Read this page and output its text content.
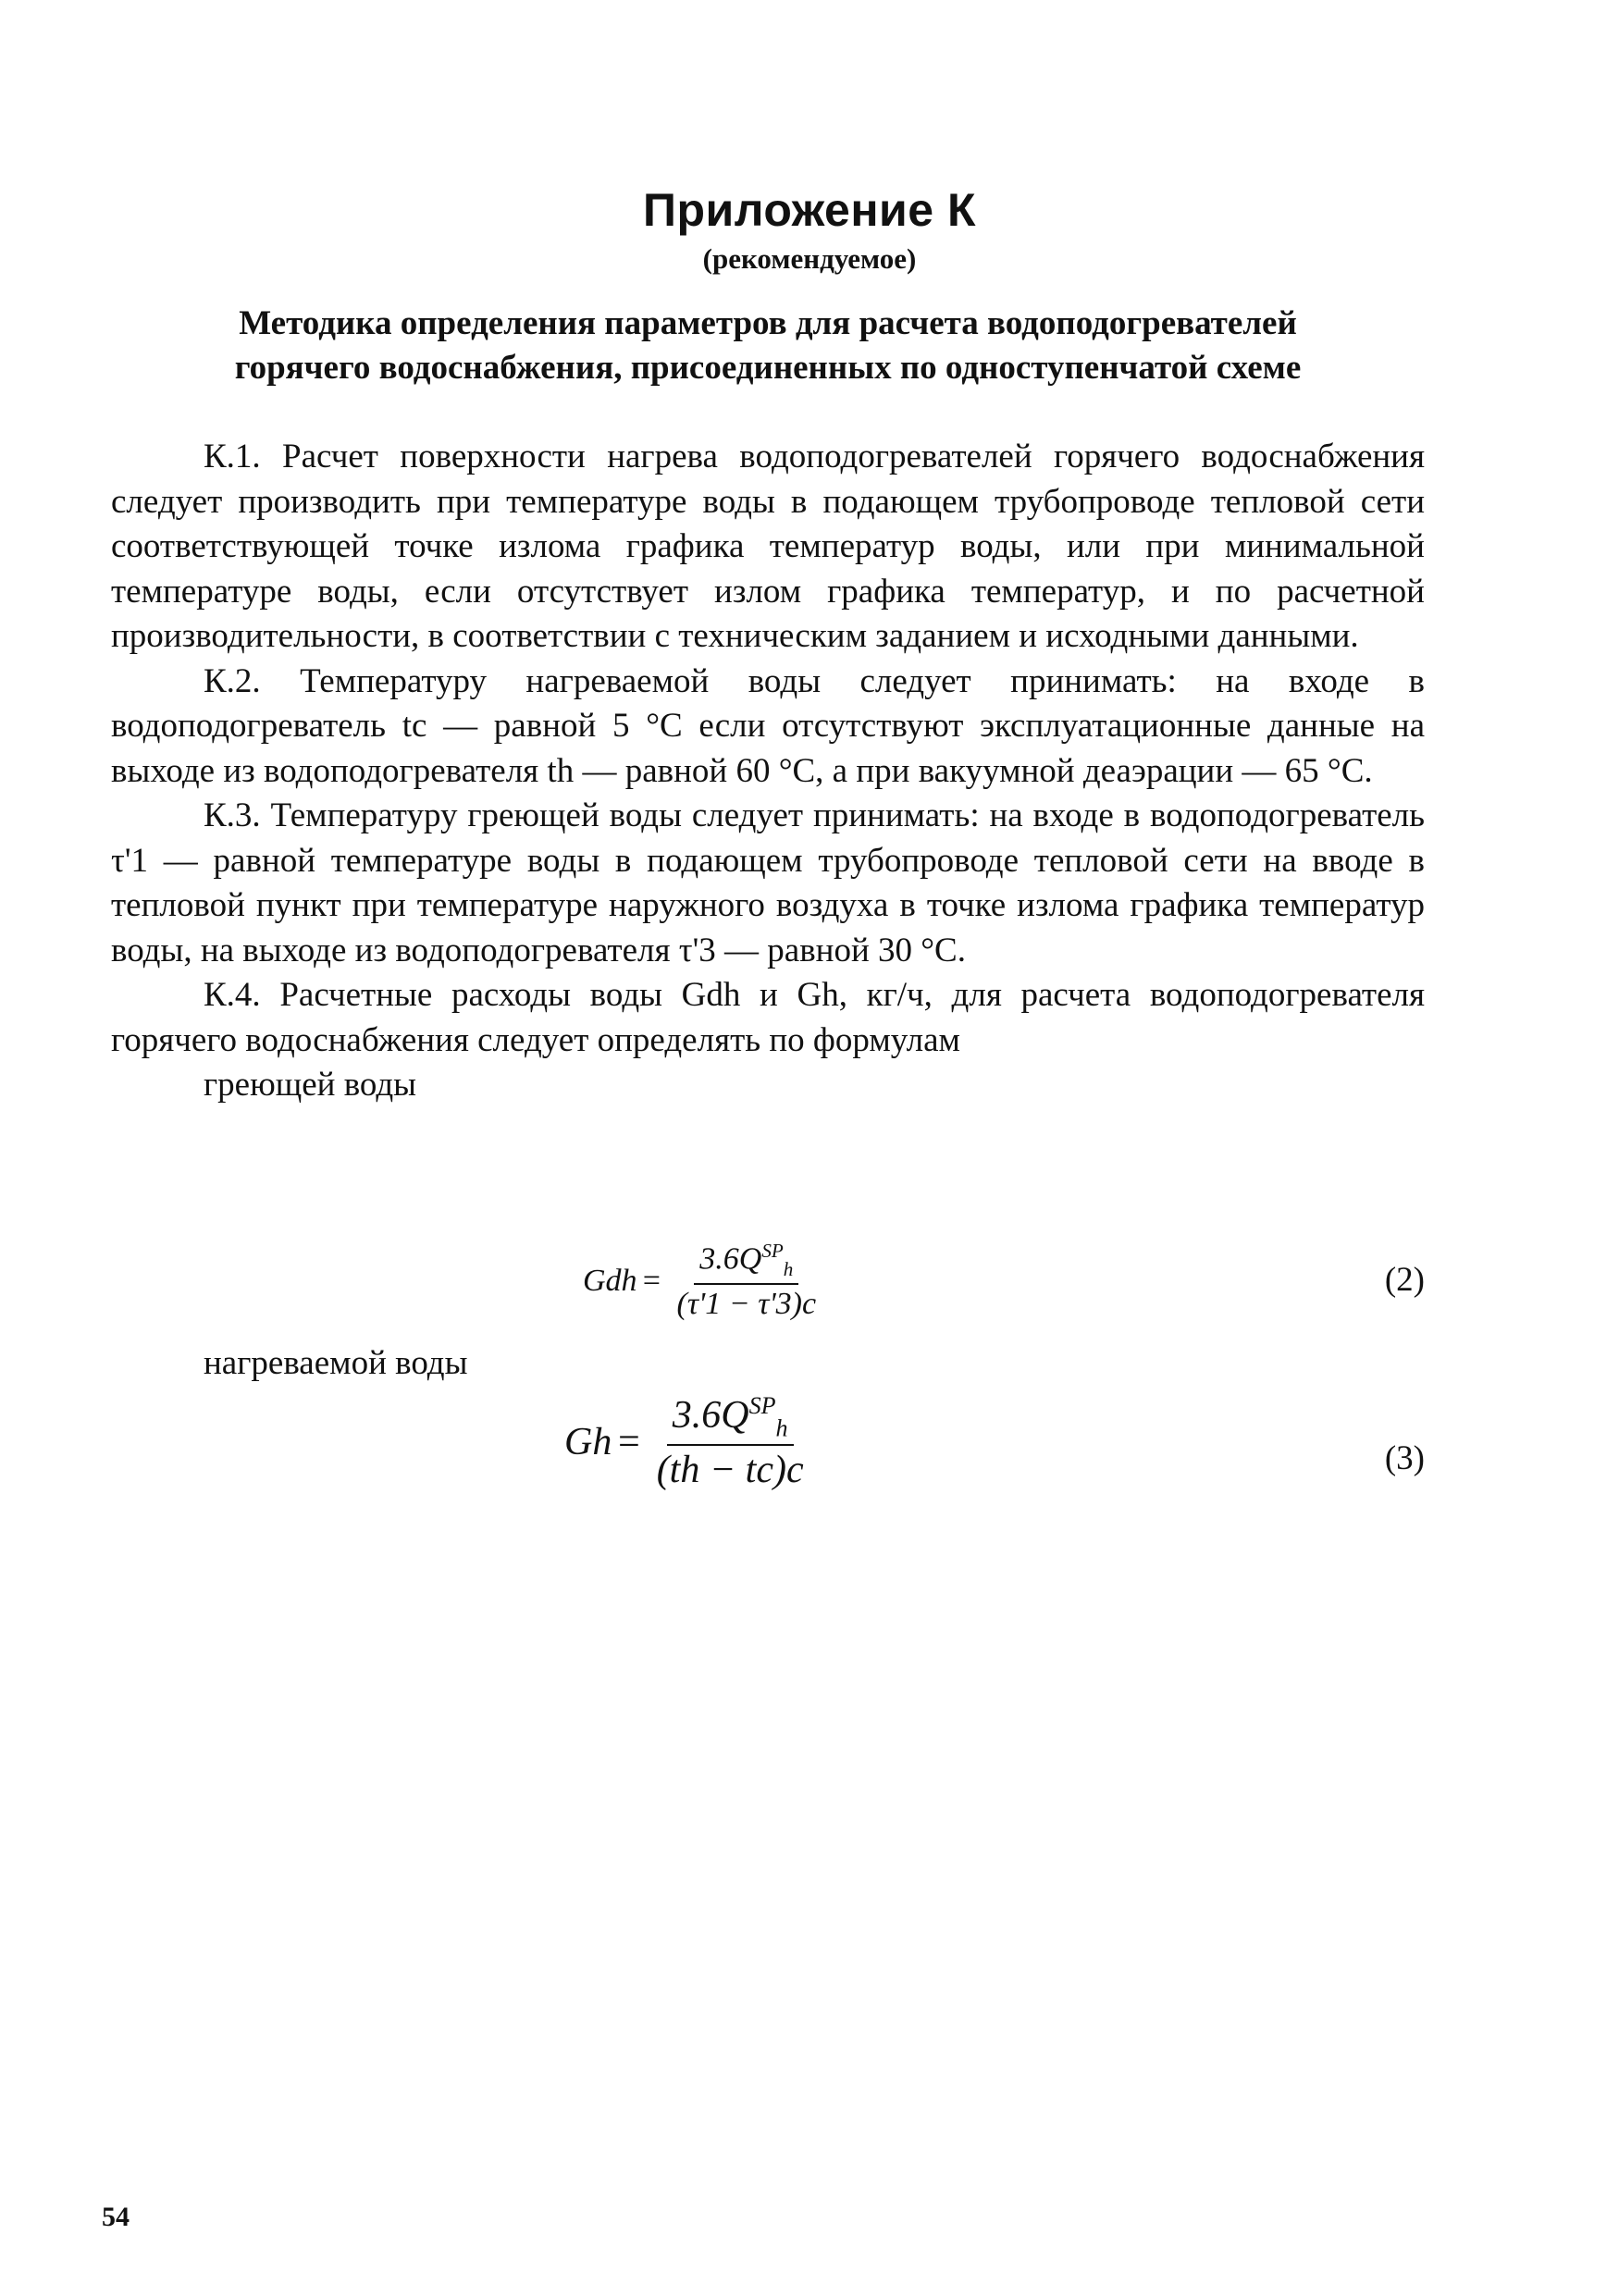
Приложение К
(рекомендуемое)
Методика определения параметров для расчета водоподогревателей
горячего водоснабжения, присоединенных по одноступенчатой схеме

К.1. Расчет поверхности нагрева водоподогревателей горячего водоснабжения следует производить при температуре воды в подающем трубопроводе тепловой сети соответствующей точке излома графика температур воды, или при минимальной температуре воды, если отсутствует излом графика температур, и по расчетной производительности, в соответствии с техническим заданием и исходными данными.

К.2. Температуру нагреваемой воды следует принимать: на входе в водоподогреватель tc — равной 5 °С если отсутствуют эксплуатационные данные на выходе из водоподогревателя th — равной 60 °С, а при вакуумной деаэрации — 65 °С.

К.3. Температуру греющей воды следует принимать: на входе в водоподогреватель τ'1 — равной температуре воды в подающем трубопроводе тепловой сети на вводе в тепловой пункт при температуре наружного воздуха в точке излома графика температур воды, на выходе из водоподогревателя τ'3 — равной 30 °С.

К.4. Расчетные расходы воды Gdh и Gh, кг/ч, для расчета водоподогревателя горячего водоснабжения следует определять по формулам

греющей воды
Gdh = $\frac{3.6Q^{SP}_h}{(\tau'1 - \tau'3)c}$	(2)
нагреваемой воды
$Gh = \frac{3.6Q^{SP}_h}{(th - tc)c}$	(3)
54
